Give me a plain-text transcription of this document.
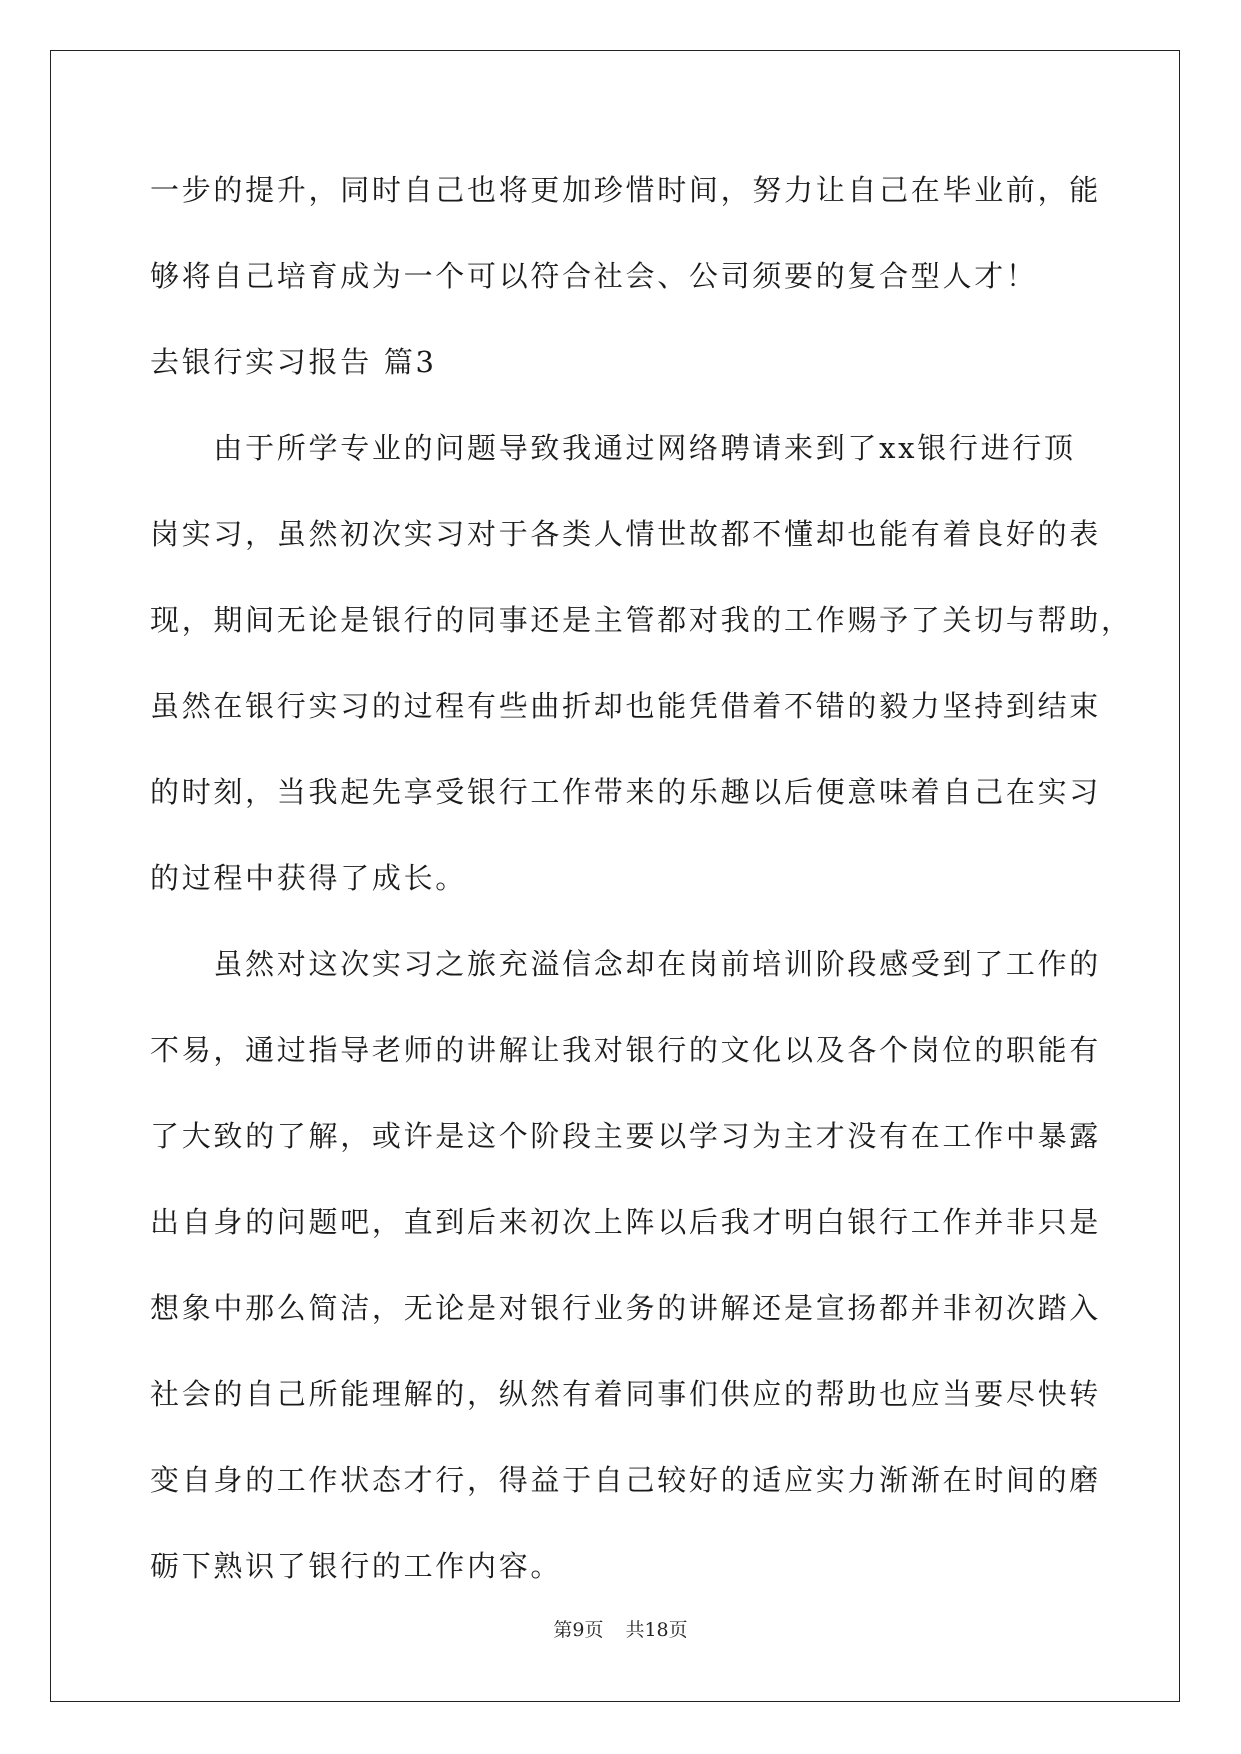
一步的提升，同时自己也将更加珍惜时间，努力让自己在毕业前，能
够将自己培育成为一个可以符合社会、公司须要的复合型人才！
去银行实习报告 篇3
　　由于所学专业的问题导致我通过网络聘请来到了xx银行进行顶
岗实习，虽然初次实习对于各类人情世故都不懂却也能有着良好的表
现，期间无论是银行的同事还是主管都对我的工作赐予了关切与帮助，
虽然在银行实习的过程有些曲折却也能凭借着不错的毅力坚持到结束
的时刻，当我起先享受银行工作带来的乐趣以后便意味着自己在实习
的过程中获得了成长。
　　虽然对这次实习之旅充溢信念却在岗前培训阶段感受到了工作的
不易，通过指导老师的讲解让我对银行的文化以及各个岗位的职能有
了大致的了解，或许是这个阶段主要以学习为主才没有在工作中暴露
出自身的问题吧，直到后来初次上阵以后我才明白银行工作并非只是
想象中那么简洁，无论是对银行业务的讲解还是宣扬都并非初次踏入
社会的自己所能理解的，纵然有着同事们供应的帮助也应当要尽快转
变自身的工作状态才行，得益于自己较好的适应实力渐渐在时间的磨
砺下熟识了银行的工作内容。
第9页 共18页
